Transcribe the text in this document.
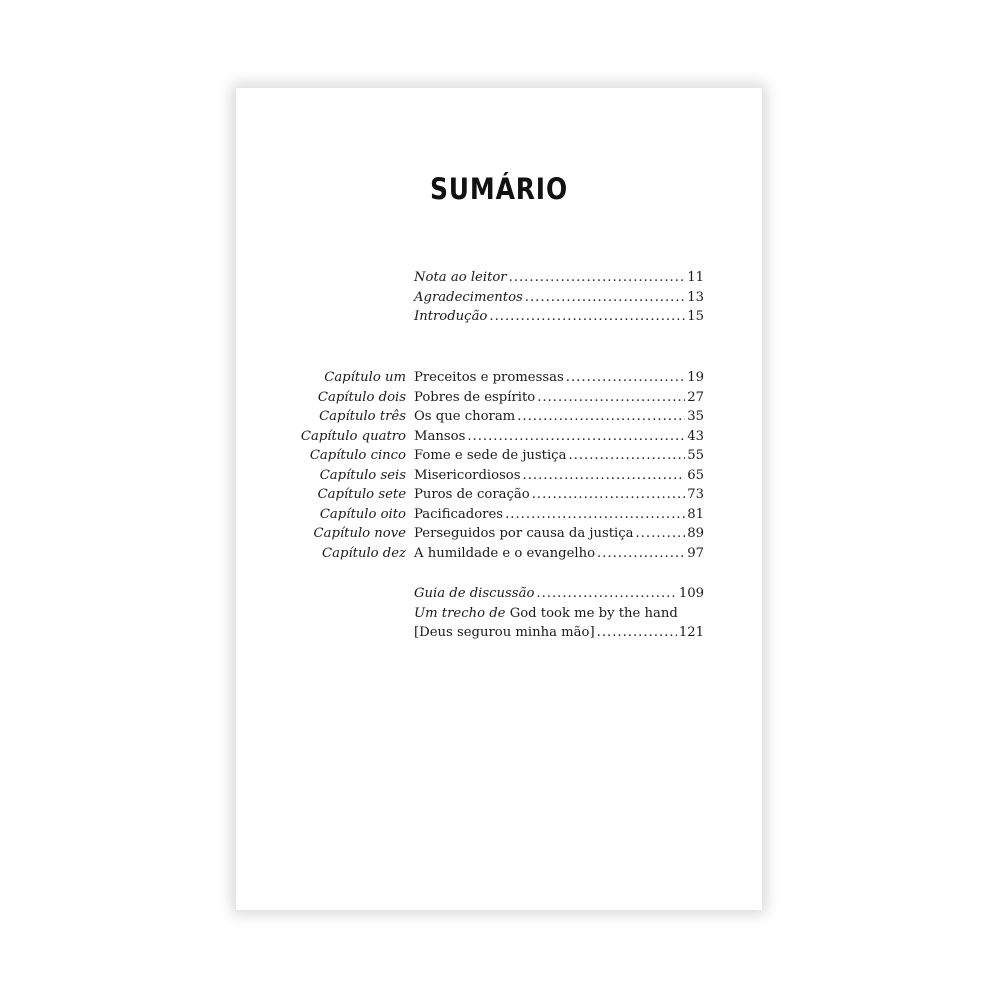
SUMÁRIO
Nota ao leitor .....	11
Agradecimentos .....	13
Introdução .....	15
Capítulo um Preceitos e promessas .....	19
Capítulo dois Pobres de espírito .....	27
Capítulo três Os que choram .....	35
Capítulo quatro Mansos .....	43
Capítulo cinco Fome e sede de justiça .....	55
Capítulo seis Misericordiosos .....	65
Capítulo sete Puros de coração .....	73
Capítulo oito Pacificadores .....	81
Capítulo nove Perseguidos por causa da justiça .....	89
Capítulo dez A humildade e o evangelho .....	97
Guia de discussão .....	109
Um trecho de God took me by the hand
[Deus segurou minha mão] .....	121
